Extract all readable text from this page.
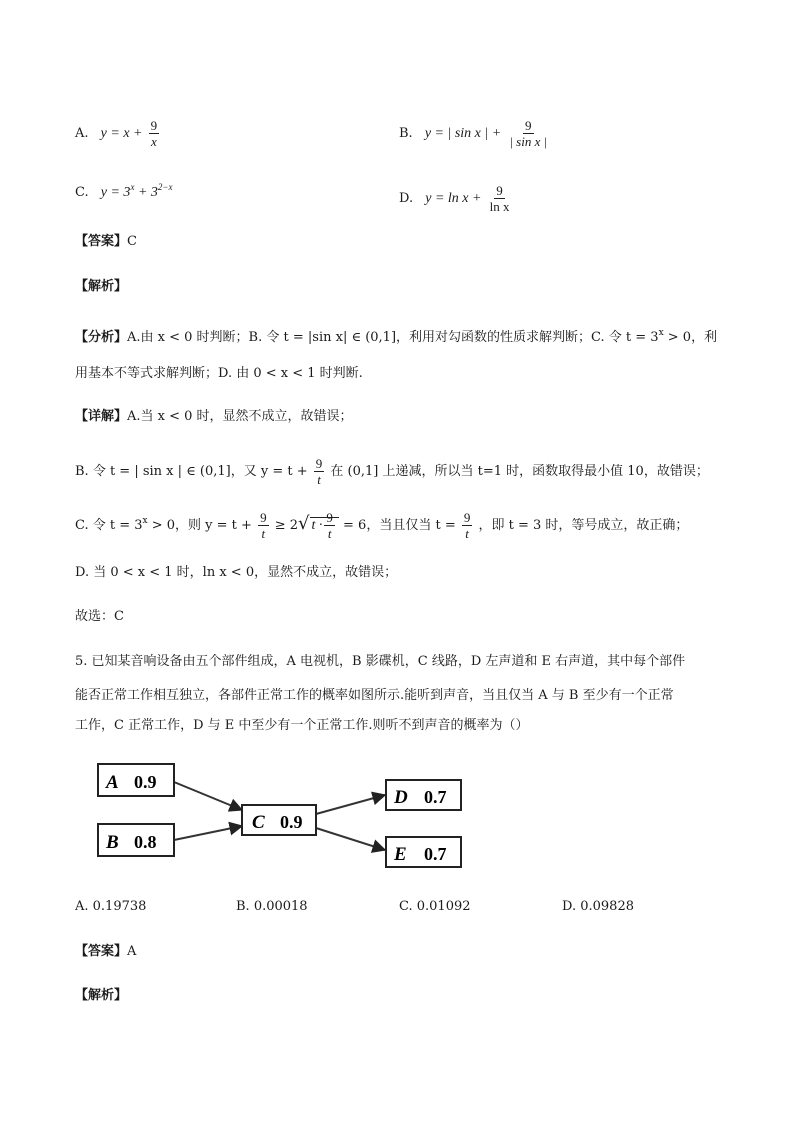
A. $y = x + \frac{9}{x}$	B. y = | sin x | + $\frac{9}{\text{| sin x |}}$
C. $y = 3^x + 3^{2-x}$
D. $y = \ln x + \frac{9}{\text{ln x}}$
【答案】C
【解析】
【分析】A.由 x < 0 时判断；B. 令 t = |sin x| ∈ (0,1]，利用对勾函数的性质求解判断；C. 令 $t = 3^x > 0$，利
用基本不等式求解判断；D. 由 0 < x < 1 时判断.
【详解】A.当 x < 0 时，显然不成立，故错误；
B. 令 t = | sin x | ∈ (0,1]，又 $y = t + \frac{9}{t}$ 在 (0,1] 上递减，所以当 t=1 时，函数取得最小值 10，故错误；
C. 令 $t = 3^x > 0$，则 $y = t + \frac{9}{t} \ge 2√$ $t \cdot \frac{9}{t} = 6$，当且仅当 $t = \frac{9}{t}$ ，即 t = 3 时，等号成立，故正确；
D. 当 0 < x < 1 时，ln x < 0，显然不成立，故错误；
故选：C
5. 已知某音响设备由五个部件组成，A 电视机，B 影碟机，C 线路，D 左声道和 E 右声道，其中每个部件
能否正常工作相互独立，各部件正常工作的概率如图所示.能听到声音，当且仅当 A 与 B 至少有一个正常
工作，C 正常工作，D 与 E 中至少有一个正常工作.则听不到声音的概率为（）
A 0.9
B 0.8
C 0.9
D 0.7
E 0.7
A. 0.19738	B. 0.00018	C. 0.01092	D. 0.09828
【答案】A
【解析】
